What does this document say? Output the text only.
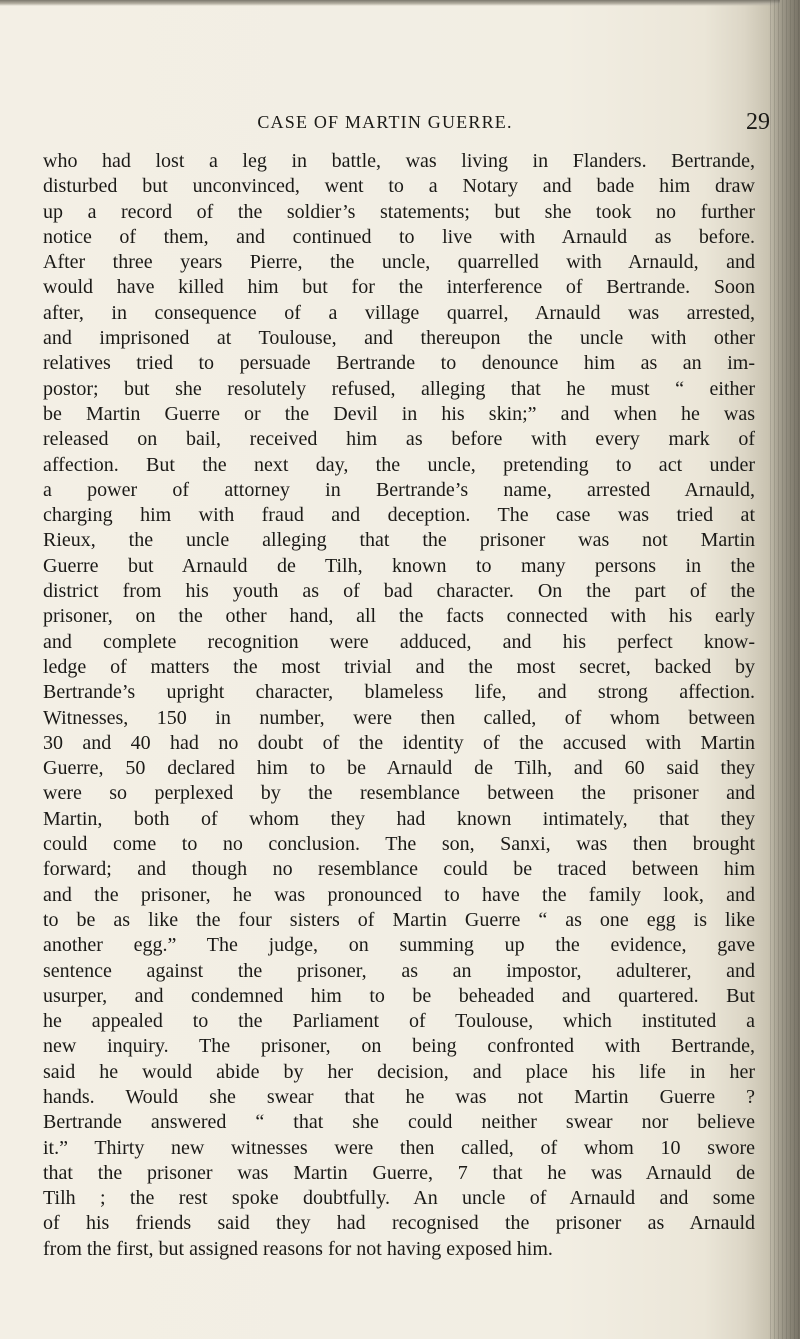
CASE OF MARTIN GUERRE.	29
who had lost a leg in battle, was living in Flanders. Bertrande,
disturbed but unconvinced, went to a Notary and bade him draw
up a record of the soldier’s statements; but she took no further
notice of them, and continued to live with Arnauld as before.
After three years Pierre, the uncle, quarrelled with Arnauld, and
would have killed him but for the interference of Bertrande. Soon
after, in consequence of a village quarrel, Arnauld was arrested,
and imprisoned at Toulouse, and thereupon the uncle with other
relatives tried to persuade Bertrande to denounce him as an im-
postor; but she resolutely refused, alleging that he must “ either
be Martin Guerre or the Devil in his skin;” and when he was
released on bail, received him as before with every mark of
affection. But the next day, the uncle, pretending to act under
a power of attorney in Bertrande’s name, arrested Arnauld,
charging him with fraud and deception. The case was tried at
Rieux, the uncle alleging that the prisoner was not Martin
Guerre but Arnauld de Tilh, known to many persons in the
district from his youth as of bad character. On the part of the
prisoner, on the other hand, all the facts connected with his early
and complete recognition were adduced, and his perfect know-
ledge of matters the most trivial and the most secret, backed by
Bertrande’s upright character, blameless life, and strong affection.
Witnesses, 150 in number, were then called, of whom between
30 and 40 had no doubt of the identity of the accused with Martin
Guerre, 50 declared him to be Arnauld de Tilh, and 60 said they
were so perplexed by the resemblance between the prisoner and
Martin, both of whom they had known intimately, that they
could come to no conclusion. The son, Sanxi, was then brought
forward; and though no resemblance could be traced between him
and the prisoner, he was pronounced to have the family look, and
to be as like the four sisters of Martin Guerre “ as one egg is like
another egg.” The judge, on summing up the evidence, gave
sentence against the prisoner, as an impostor, adulterer, and
usurper, and condemned him to be beheaded and quartered. But
he appealed to the Parliament of Toulouse, which instituted a
new inquiry. The prisoner, on being confronted with Bertrande,
said he would abide by her decision, and place his life in her
hands. Would she swear that he was not Martin Guerre ?
Bertrande answered “ that she could neither swear nor believe
it.” Thirty new witnesses were then called, of whom 10 swore
that the prisoner was Martin Guerre, 7 that he was Arnauld de
Tilh ; the rest spoke doubtfully. An uncle of Arnauld and some
of his friends said they had recognised the prisoner as Arnauld
from the first, but assigned reasons for not having exposed him.
